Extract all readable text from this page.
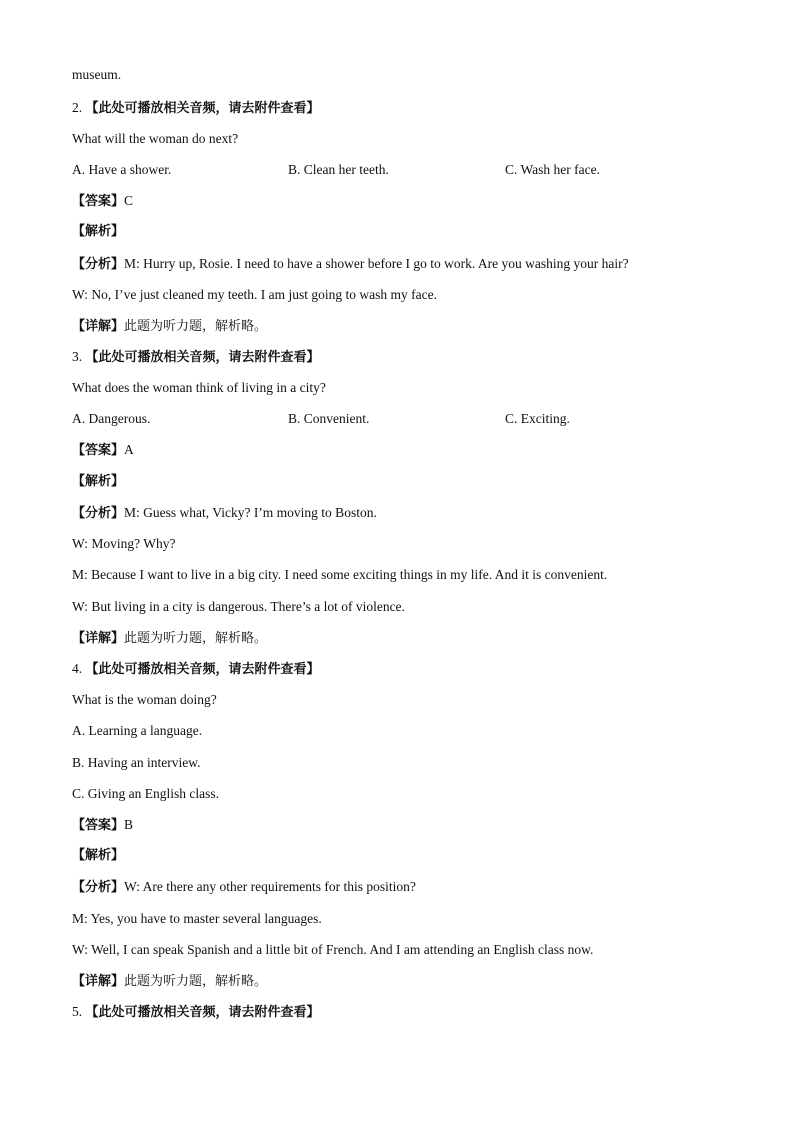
museum.
2. 【此处可播放相关音频，请去附件查看】
What will the woman do next?
A. Have a shower.	B. Clean her teeth.	C. Wash her face.
【答案】C
【解析】
【分析】M: Hurry up, Rosie. I need to have a shower before I go to work. Are you washing your hair?
W: No, I’ve just cleaned my teeth. I am just going to wash my face.
【详解】此题为听力题，解析略。
3. 【此处可播放相关音频，请去附件查看】
What does the woman think of living in a city?
A. Dangerous.	B. Convenient.	C. Exciting.
【答案】A
【解析】
【分析】M: Guess what, Vicky? I’m moving to Boston.
W: Moving? Why?
M: Because I want to live in a big city. I need some exciting things in my life. And it is convenient.
W: But living in a city is dangerous. There’s a lot of violence.
【详解】此题为听力题，解析略。
4. 【此处可播放相关音频，请去附件查看】
What is the woman doing?
A. Learning a language.
B. Having an interview.
C. Giving an English class.
【答案】B
【解析】
【分析】W: Are there any other requirements for this position?
M: Yes, you have to master several languages.
W: Well, I can speak Spanish and a little bit of French. And I am attending an English class now.
【详解】此题为听力题，解析略。
5. 【此处可播放相关音频，请去附件查看】
